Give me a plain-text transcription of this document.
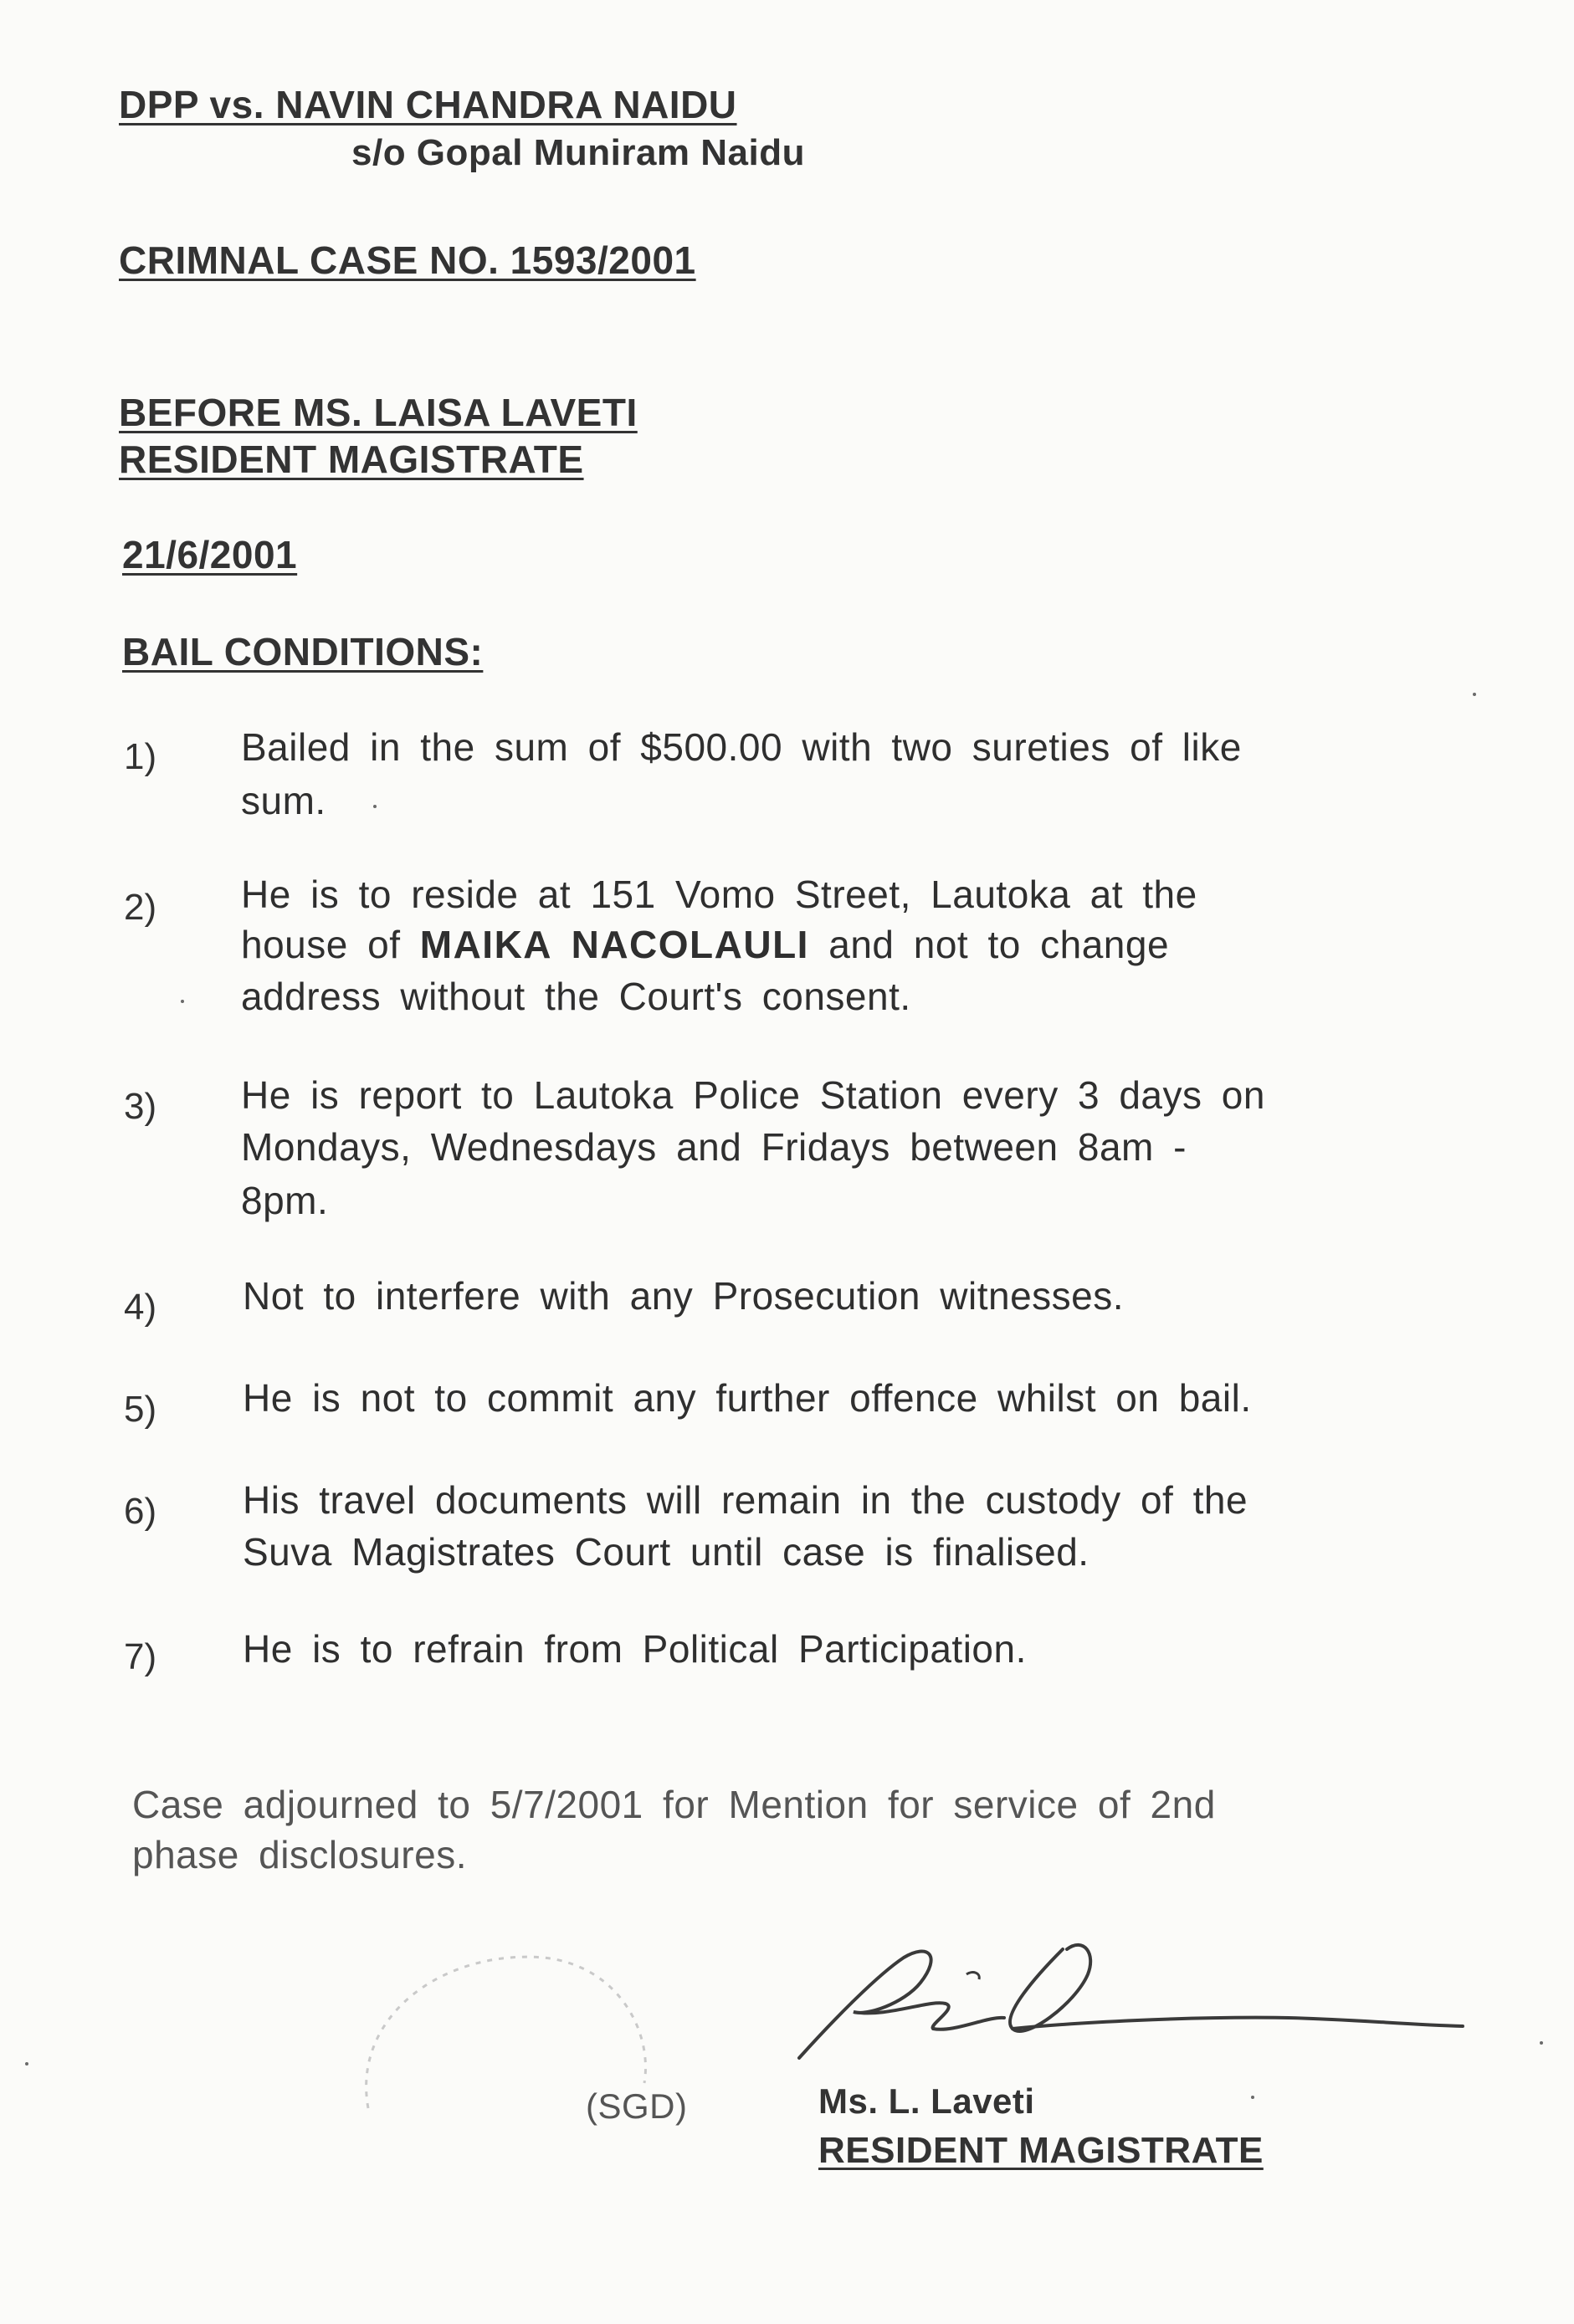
DPP vs. NAVIN CHANDRA NAIDU
s/o Gopal Muniram Naidu
CRIMNAL CASE NO. 1593/2001
BEFORE MS. LAISA LAVETI
RESIDENT MAGISTRATE
21/6/2001
BAIL CONDITIONS:
1) Bailed in the sum of $500.00 with two sureties of like
sum.
2) He is to reside at 151 Vomo Street, Lautoka at the
house of MAIKA NACOLAULI and not to change
address without the Court's consent.
3) He is report to Lautoka Police Station every 3 days on
Mondays, Wednesdays and Fridays between 8am -
8pm.
4) Not to interfere with any Prosecution witnesses.
5) He is not to commit any further offence whilst on bail.
6) His travel documents will remain in the custody of the
Suva Magistrates Court until case is finalised.
7) He is to refrain from Political Participation.
Case adjourned to 5/7/2001 for Mention for service of 2nd
phase disclosures.
(SGD)	Ms. L. Laveti
RESIDENT MAGISTRATE
